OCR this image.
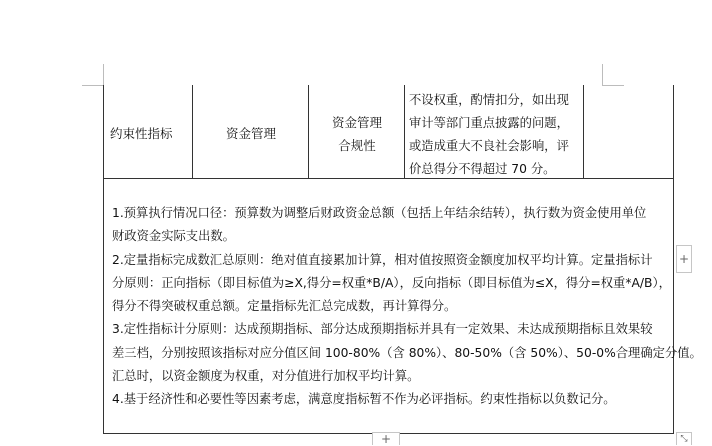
约束性指标	资金管理
资金管理
合规性
不设权重，酌情扣分，如出现
审计等部门重点披露的问题，
或造成重大不良社会影响，评
价总得分不得超过 70 分。
1.预算执行情况口径：预算数为调整后财政资金总额（包括上年结余结转），执行数为资金使用单位
财政资金实际支出数。
2.定量指标完成数汇总原则：绝对值直接累加计算，相对值按照资金额度加权平均计算。定量指标计
分原则：正向指标（即目标值为≥X,得分=权重*B/A），反向指标（即目标值为≤X，得分=权重*A/B），
得分不得突破权重总额。定量指标先汇总完成数，再计算得分。
3.定性指标计分原则：达成预期指标、部分达成预期指标并具有一定效果、未达成预期指标且效果较
差三档，分别按照该指标对应分值区间 100-80%（含 80%）、80-50%（含 50%）、50-0%合理确定分值。
汇总时，以资金额度为权重，对分值进行加权平均计算。
4.基于经济性和必要性等因素考虑，满意度指标暂不作为必评指标。约束性指标以负数记分。
+
+	⤡
